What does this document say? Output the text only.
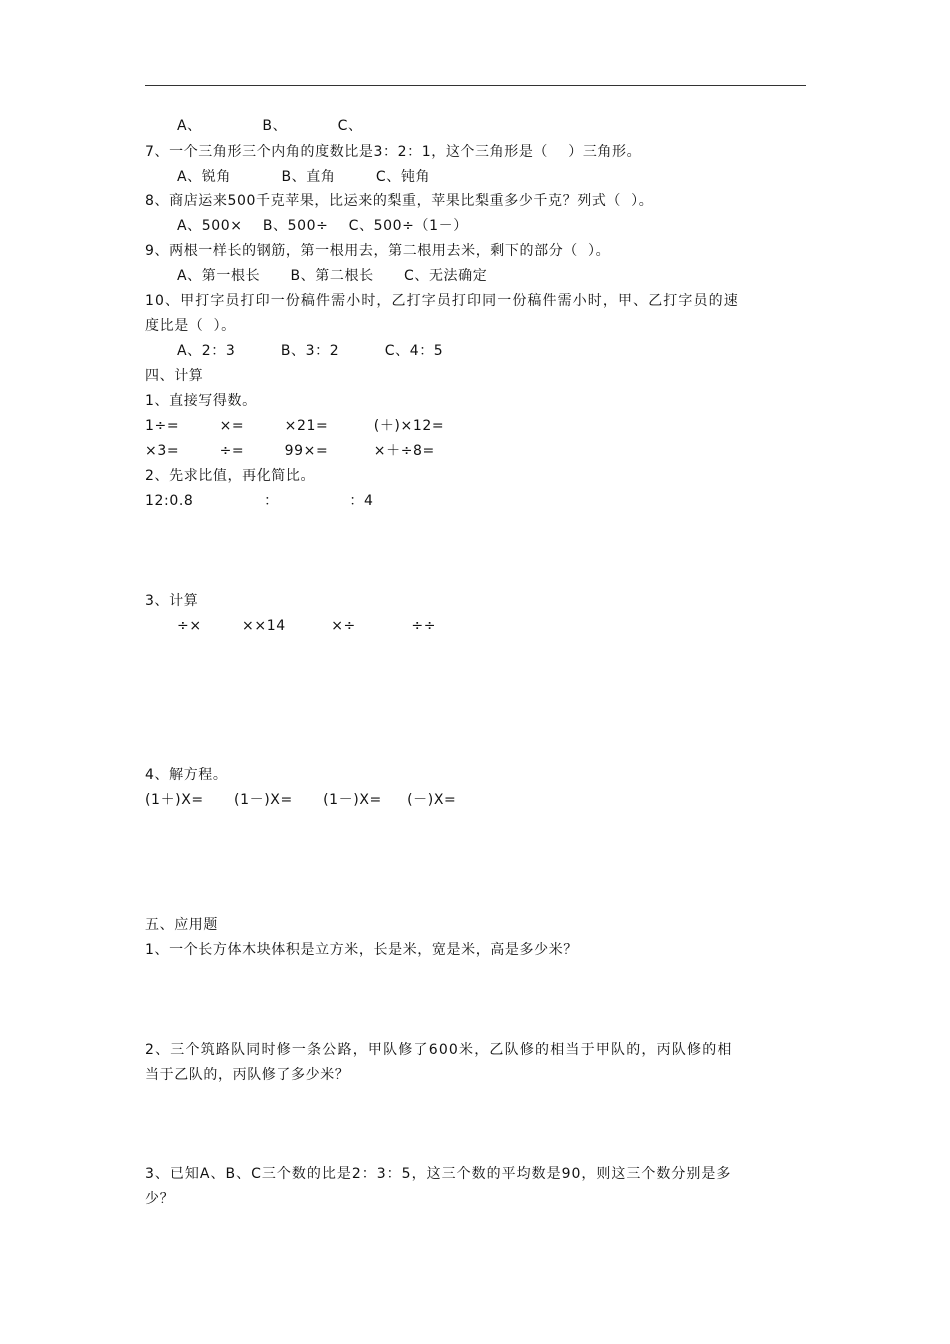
A、            B、          C、
7、一个三角形三个内角的度数比是3：2：1，这个三角形是（    ）三角形。
A、锐角          B、直角        C、钝角
8、商店运来500千克苹果，比运来的梨重，苹果比梨重多少千克？列式（  ）。
A、500×    B、500÷    C、500÷（1－）
9、两根一样长的钢筋，第一根用去，第二根用去米，剩下的部分（  ）。
A、第一根长      B、第二根长      C、无法确定
10、甲打字员打印一份稿件需小时，乙打字员打印同一份稿件需小时，甲、乙打字员的速
度比是（  ）。
A、2：3         B、3：2         C、4：5
四、计算
1、直接写得数。
1÷=        ×=        ×21=         (＋)×12=
×3=        ÷=        99×=         ×＋÷8=
2、先求比值，再化简比。
12:0.8              ：              ：4
3、计算
÷×        ××14         ×÷           ÷÷
4、解方程。
(1＋)X=      (1－)X=      (1－)X=     (－)X=
五、应用题
1、一个长方体木块体积是立方米，长是米，宽是米，高是多少米？
2、三个筑路队同时修一条公路，甲队修了600米，乙队修的相当于甲队的，丙队修的相
当于乙队的，丙队修了多少米？
3、已知A、B、C三个数的比是2：3：5，这三个数的平均数是90，则这三个数分别是多
少？
